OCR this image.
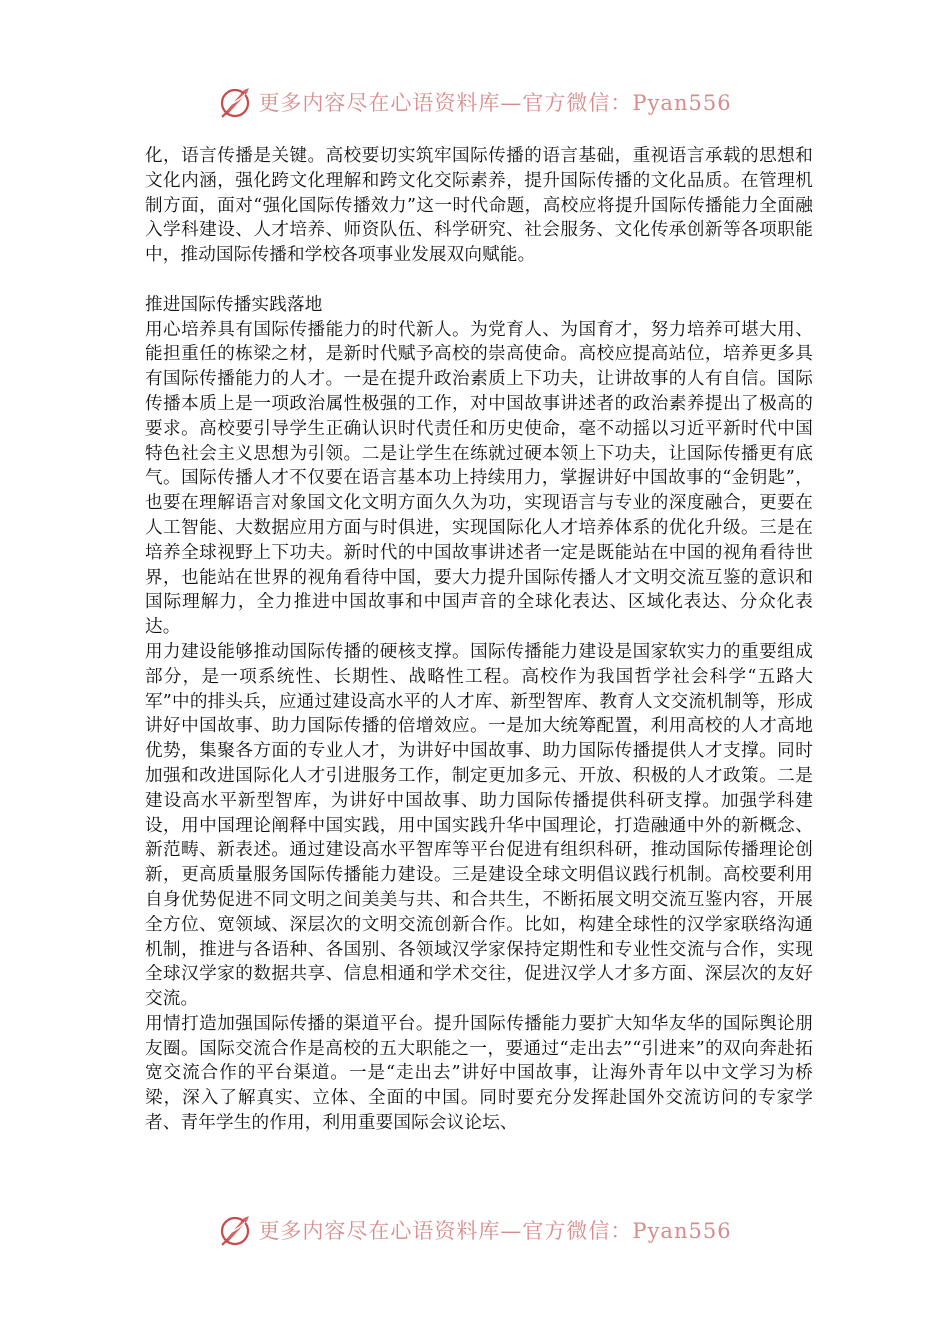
更多内容尽在心语资料库—官方微信：Pyan556

化，语言传播是关键。高校要切实筑牢国际传播的语言基础，重视语言承载的思想和文化内涵，强化跨文化理解和跨文化交际素养，提升国际传播的文化品质。在管理机制方面，面对“强化国际传播效力”这一时代命题，高校应将提升国际传播能力全面融入学科建设、人才培养、师资队伍、科学研究、社会服务、文化传承创新等各项职能中，推动国际传播和学校各项事业发展双向赋能。

推进国际传播实践落地

用心培养具有国际传播能力的时代新人。为党育人、为国育才，努力培养可堪大用、能担重任的栋梁之材，是新时代赋予高校的崇高使命。高校应提高站位，培养更多具有国际传播能力的人才。一是在提升政治素质上下功夫，让讲故事的人有自信。国际传播本质上是一项政治属性极强的工作，对中国故事讲述者的政治素养提出了极高的要求。高校要引导学生正确认识时代责任和历史使命，毫不动摇以习近平新时代中国特色社会主义思想为引领。二是让学生在练就过硬本领上下功夫，让国际传播更有底气。国际传播人才不仅要在语言基本功上持续用力，掌握讲好中国故事的“金钥匙”，也要在理解语言对象国文化文明方面久久为功，实现语言与专业的深度融合，更要在人工智能、大数据应用方面与时俱进，实现国际化人才培养体系的优化升级。三是在培养全球视野上下功夫。新时代的中国故事讲述者一定是既能站在中国的视角看待世界，也能站在世界的视角看待中国，要大力提升国际传播人才文明交流互鉴的意识和国际理解力，全力推进中国故事和中国声音的全球化表达、区域化表达、分众化表达。

用力建设能够推动国际传播的硬核支撑。国际传播能力建设是国家软实力的重要组成部分，是一项系统性、长期性、战略性工程。高校作为我国哲学社会科学“五路大军”中的排头兵，应通过建设高水平的人才库、新型智库、教育人文交流机制等，形成讲好中国故事、助力国际传播的倍增效应。一是加大统筹配置，利用高校的人才高地优势，集聚各方面的专业人才，为讲好中国故事、助力国际传播提供人才支撑。同时加强和改进国际化人才引进服务工作，制定更加多元、开放、积极的人才政策。二是建设高水平新型智库，为讲好中国故事、助力国际传播提供科研支撑。加强学科建设，用中国理论阐释中国实践，用中国实践升华中国理论，打造融通中外的新概念、新范畴、新表述。通过建设高水平智库等平台促进有组织科研，推动国际传播理论创新，更高质量服务国际传播能力建设。三是建设全球文明倡议践行机制。高校要利用自身优势促进不同文明之间美美与共、和合共生，不断拓展文明交流互鉴内容，开展全方位、宽领域、深层次的文明交流创新合作。比如，构建全球性的汉学家联络沟通机制，推进与各语种、各国别、各领域汉学家保持定期性和专业性交流与合作，实现全球汉学家的数据共享、信息相通和学术交往，促进汉学人才多方面、深层次的友好交流。

用情打造加强国际传播的渠道平台。提升国际传播能力要扩大知华友华的国际舆论朋友圈。国际交流合作是高校的五大职能之一，要通过“走出去”“引进来”的双向奔赴拓宽交流合作的平台渠道。一是“走出去”讲好中国故事，让海外青年以中文学习为桥梁，深入了解真实、立体、全面的中国。同时要充分发挥赴国外交流访问的专家学者、青年学生的作用，利用重要国际会议论坛、

更多内容尽在心语资料库—官方微信：Pyan556
